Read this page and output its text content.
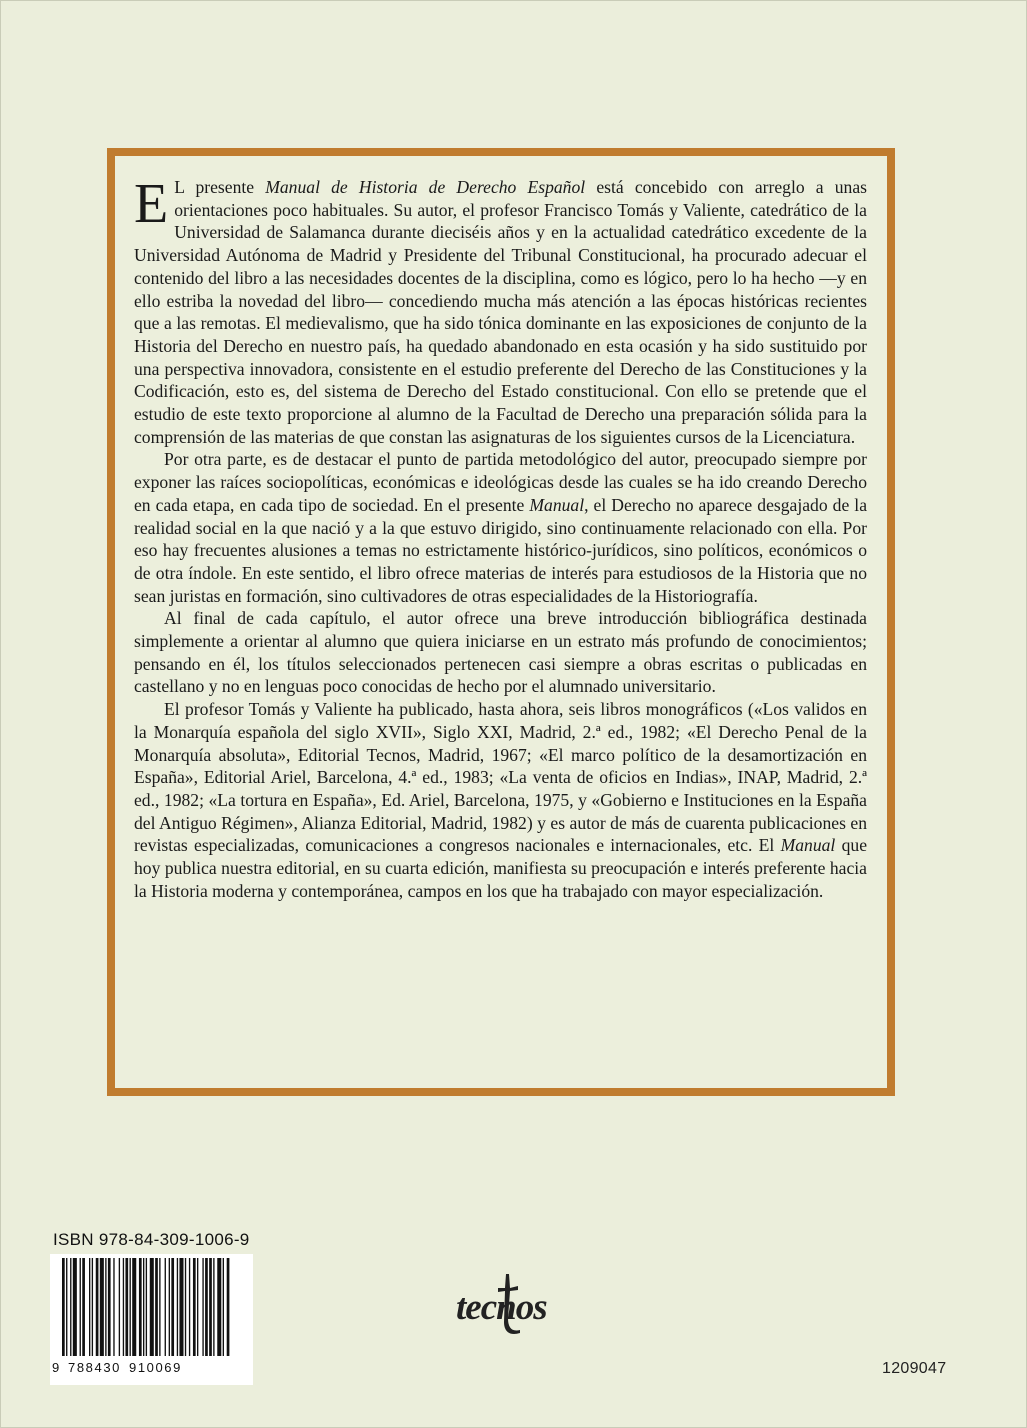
E L presente Manual de Historia de Derecho Español está concebido con arreglo a unas orientaciones poco habituales. Su autor, el profesor Francisco Tomás y Valiente, catedrático de la Universidad de Salamanca durante dieciséis años y en la actualidad catedrático excedente de la Universidad Autónoma de Madrid y Presidente del Tribunal Constitucional, ha procurado adecuar el contenido del libro a las necesidades docentes de la disciplina, como es lógico, pero lo ha hecho —y en ello estriba la novedad del libro— concediendo mucha más atención a las épocas históricas recientes que a las remotas. El medievalismo, que ha sido tónica dominante en las exposiciones de conjunto de la Historia del Derecho en nuestro país, ha quedado abandonado en esta ocasión y ha sido sustituido por una perspectiva innovadora, consistente en el estudio preferente del Derecho de las Constituciones y la Codificación, esto es, del sistema de Derecho del Estado constitucional. Con ello se pretende que el estudio de este texto proporcione al alumno de la Facultad de Derecho una preparación sólida para la comprensión de las materias de que constan las asignaturas de los siguientes cursos de la Licenciatura.

Por otra parte, es de destacar el punto de partida metodológico del autor, preocupado siempre por exponer las raíces sociopolíticas, económicas e ideológicas desde las cuales se ha ido creando Derecho en cada etapa, en cada tipo de sociedad. En el presente Manual, el Derecho no aparece desgajado de la realidad social en la que nació y a la que estuvo dirigido, sino continuamente relacionado con ella. Por eso hay frecuentes alusiones a temas no estrictamente histórico-jurídicos, sino políticos, económicos o de otra índole. En este sentido, el libro ofrece materias de interés para estudiosos de la Historia que no sean juristas en formación, sino cultivadores de otras especialidades de la Historiografía.

Al final de cada capítulo, el autor ofrece una breve introducción bibliográfica destinada simplemente a orientar al alumno que quiera iniciarse en un estrato más profundo de conocimientos; pensando en él, los títulos seleccionados pertenecen casi siempre a obras escritas o publicadas en castellano y no en lenguas poco conocidas de hecho por el alumnado universitario.

El profesor Tomás y Valiente ha publicado, hasta ahora, seis libros monográficos («Los validos en la Monarquía española del siglo XVII», Siglo XXI, Madrid, 2.ª ed., 1982; «El Derecho Penal de la Monarquía absoluta», Editorial Tecnos, Madrid, 1967; «El marco político de la desamortización en España», Editorial Ariel, Barcelona, 4.ª ed., 1983; «La venta de oficios en Indias», INAP, Madrid, 2.ª ed., 1982; «La tortura en España», Ed. Ariel, Barcelona, 1975, y «Gobierno e Instituciones en la España del Antiguo Régimen», Alianza Editorial, Madrid, 1982) y es autor de más de cuarenta publicaciones en revistas especializadas, comunicaciones a congresos nacionales e internacionales, etc. El Manual que hoy publica nuestra editorial, en su cuarta edición, manifiesta su preocupación e interés preferente hacia la Historia moderna y contemporánea, campos en los que ha trabajado con mayor especialización.

ISBN 978-84-309-1006-9
9 788430 910069
tecnos
1209047
